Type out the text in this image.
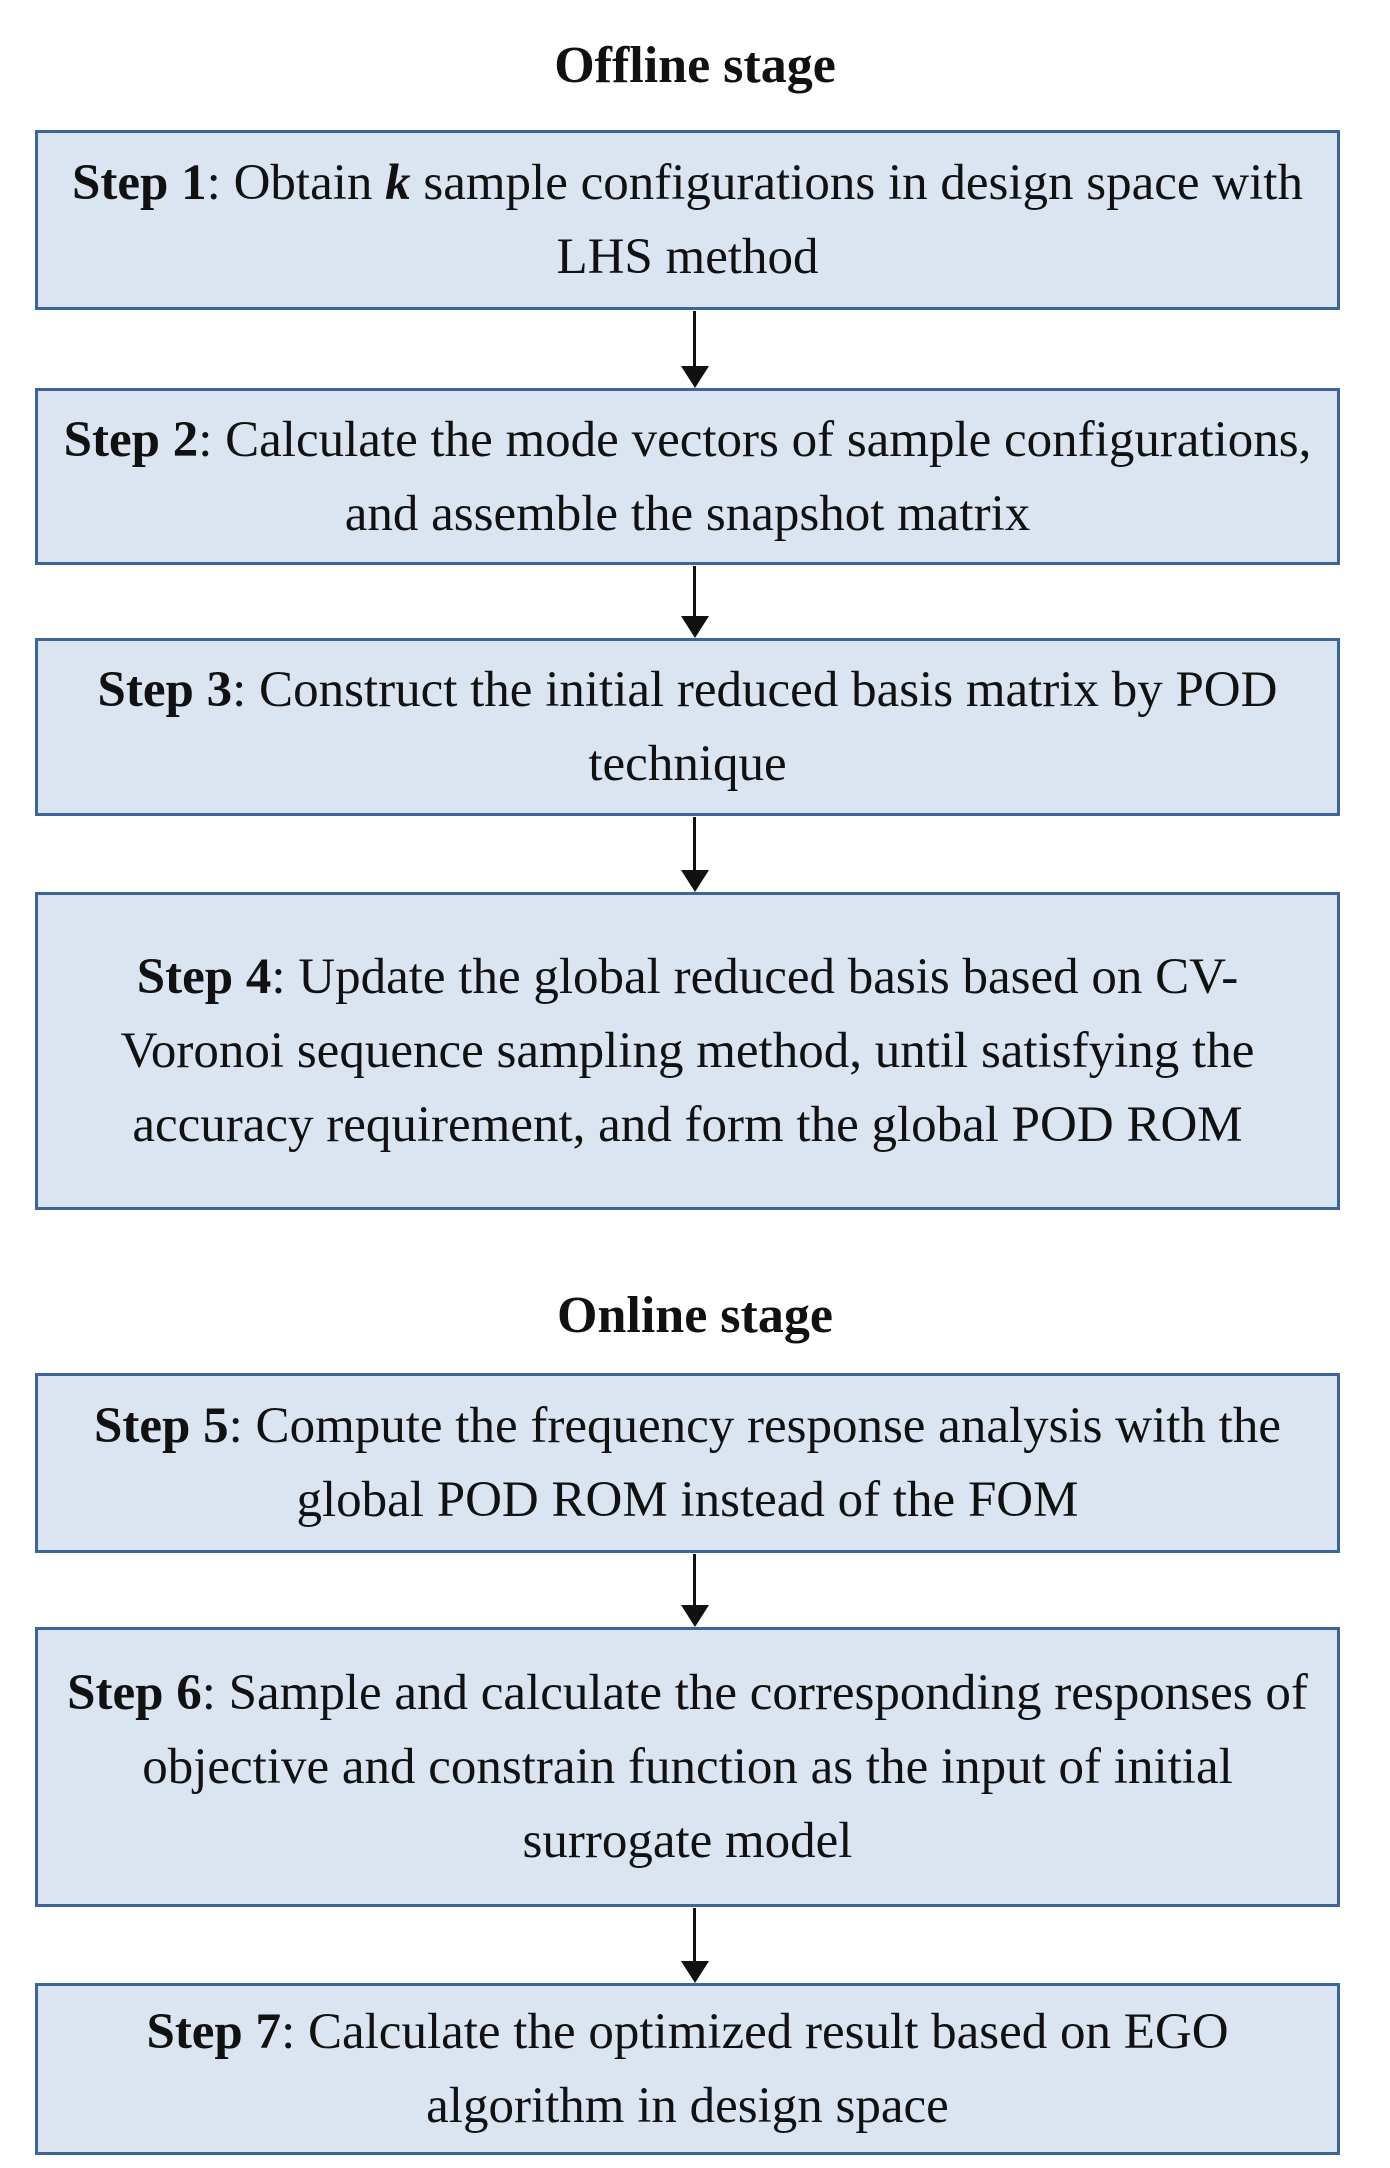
Offline stage

Step 1: Obtain k sample configurations in design space with LHS method

Step 2: Calculate the mode vectors of sample configurations, and assemble the snapshot matrix

Step 3: Construct the initial reduced basis matrix by POD technique

Step 4: Update the global reduced basis based on CV-Voronoi sequence sampling method, until satisfying the accuracy requirement, and form the global POD ROM

Online stage

Step 5: Compute the frequency response analysis with the global POD ROM instead of the FOM

Step 6: Sample and calculate the corresponding responses of objective and constrain function as the input of initial surrogate model

Step 7: Calculate the optimized result based on EGO algorithm in design space
